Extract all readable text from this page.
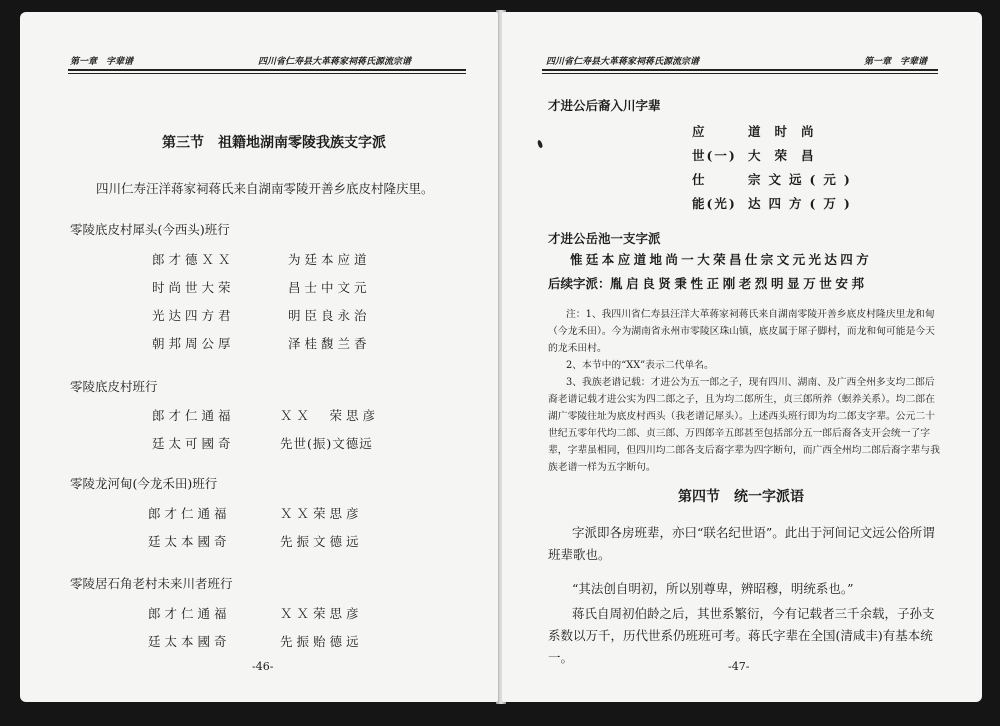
第一章　字辈谱	四川省仁寿县大革蒋家祠蒋氏源流宗谱
第三节　祖籍地湖南零陵我族支字派
四川仁寿汪洋蒋家祠蒋氏来自湖南零陵开善乡底皮村隆庆里。
零陵底皮村犀头(今西头)班行
郎才德ＸＸ	为廷本应道
时尚世大荣	昌士中文元
光达四方君	明臣良永治
朝邦周公厚	泽桂馥兰香
零陵底皮村班行
郎才仁通福	ＸＸ　荣思彦
廷太可國奇	先世(振)文德远
零陵龙河甸(今龙禾田)班行
郎才仁通福	ＸＸ荣思彦
廷太本國奇	先振文德远
零陵居石角老村未来川者班行
郎才仁通福	ＸＸ荣思彦
廷太本國奇	先振贻德远
-46-
四川省仁寿县大革蒋家祠蒋氏源流宗谱	第一章　字辈谱
才进公后裔入川字辈
应	道时尚
世(一) 大荣昌
仕	宗文远(元)
能(光) 达四方(万)
才进公岳池一支字派
惟廷本应道地尚一大荣昌仕宗文元光达四方
后续字派： 胤启良贤秉性正刚老烈明显万世安邦
注：1、我四川省仁寿县汪洋大革蒋家祠蒋氏来自湖南零陵开善乡底皮村隆庆里龙和甸（今龙禾田）。今为湖南省永州市零陵区珠山镇，底皮属于犀子脚村，而龙和甸可能是今天的龙禾田村。
2、本节中的“XX”表示二代单名。
3、我族老谱记载：才进公为五一郎之子，现有四川、湖南、及广西全州多支均二郎后裔老谱记载才进公实为四二郎之子，且为均二郎所生，贞三郎所养（螟养关系）。均二郎在湖广零陵往址为底皮村西头（我老谱记犀头）。上述西头班行即为均二郎支字辈。公元二十世纪五零年代均二郎、贞三郎、万四郎辛五郎甚至包括部分五一郎后裔各支开会统一了字辈，字辈虽相同，但四川均二郎各支后裔字辈为四字断句，而广西全州均二郎后裔字辈与我族老谱一样为五字断句。
第四节　统一字派语
字派即各房班辈，亦曰“联名纪世语”。此出于河间记文远公俗所谓班辈歌也。
“其法创自明初，所以别尊卑，辨昭穆，明统系也。”
蒋氏自周初伯龄之后，其世系繁衍，今有记载者三千余载，子孙支系数以万千，历代世系仍班班可考。蒋氏字辈在全国(清咸丰)有基本统一。
-47-
